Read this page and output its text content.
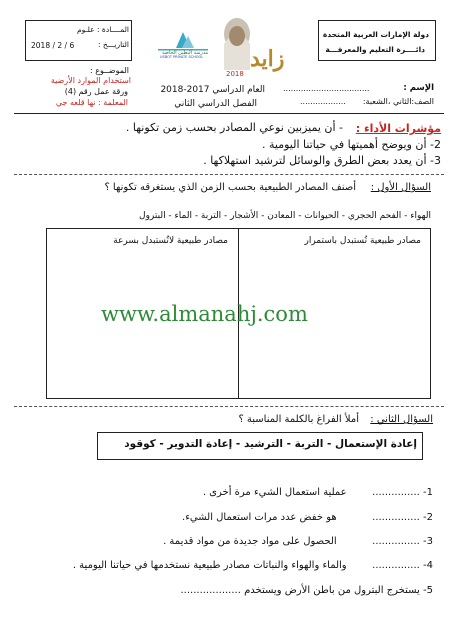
المــــادة : علـوم
التاريـــخ :
2018 / 2 / 6
دولة الإمارات العربية المتحدة
دائــــرة التعليم والمعرفـــة
زايد
2018
مدرسة البطين الخاصة
USBOT PRIVATE SCHOOL
الإسم :
..................................
الصف:الثاني ،الشعبة:
..................
العام الدراسي 2017-2018
الفصل الدراسي الثاني
الموضــوع :
استخدام الموارد الأرضية
ورقة عمل رقم (4)
المعلمة : نها قلعه جي
مؤشرات الأداء :
- أن يميزبين نوعي المصادر بحسب زمن تكونها .
2- أن ويوضح أهميتها في حياتنا اليومية .
3- أن يعدد بعض الطرق والوسائل لترشيد استهلاكها .
السؤال الأول :
أصنف المصادر الطبيعية بحسب الزمن الذي يستغرقه تكونها ؟
الهواء - الفحم الحجري - الحيوانات - المعادن - الأشجار - التربة - الماء - البترول
مصادر طبيعية تُستبدل باستمرار
مصادر طبيعية لاتُستبدل بسرعة
www.almanahj.com
السؤال الثاني :
أملأ الفراغ بالكلمة المناسبة ؟
إعادة الإستعمال - التربة - الترشيد - إعادة التدوير - كوقود
1- ............... عملية استعمال الشيء مرة أخرى .
2- ............... هو خفض عدد مرات استعمال الشيء.
3- ............... الحصول على مواد جديدة من مواد قديمة .
4- ............... والماء والهواء والنباتات مصادر طبيعية نستخدمها في حياتنا اليومية .
5- يستخرج البترول من باطن الأرض ويستخدم ...................
